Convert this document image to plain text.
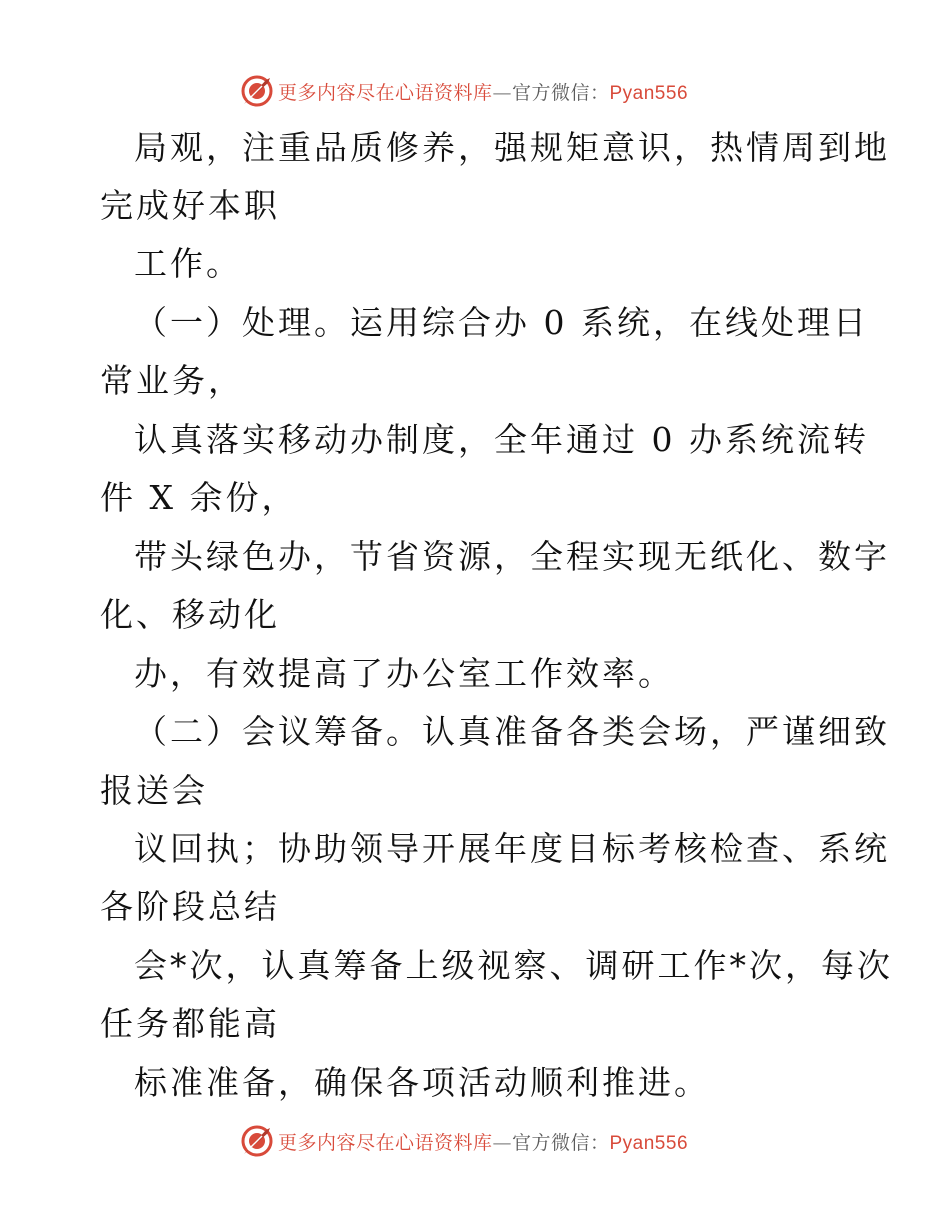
更多内容尽在心语资料库—官方微信：Pyan556
局观，注重品质修养，强规矩意识，热情周到地
完成好本职
工作。
（一）处理。运用综合办 0 系统，在线处理日
常业务，
认真落实移动办制度，全年通过 0 办系统流转
件 X 余份，
带头绿色办，节省资源，全程实现无纸化、数字
化、移动化
办，有效提高了办公室工作效率。
（二）会议筹备。认真准备各类会场，严谨细致
报送会
议回执；协助领导开展年度目标考核检查、系统
各阶段总结
会*次，认真筹备上级视察、调研工作*次，每次
任务都能高
标准准备，确保各项活动顺利推进。
更多内容尽在心语资料库—官方微信：Pyan556
